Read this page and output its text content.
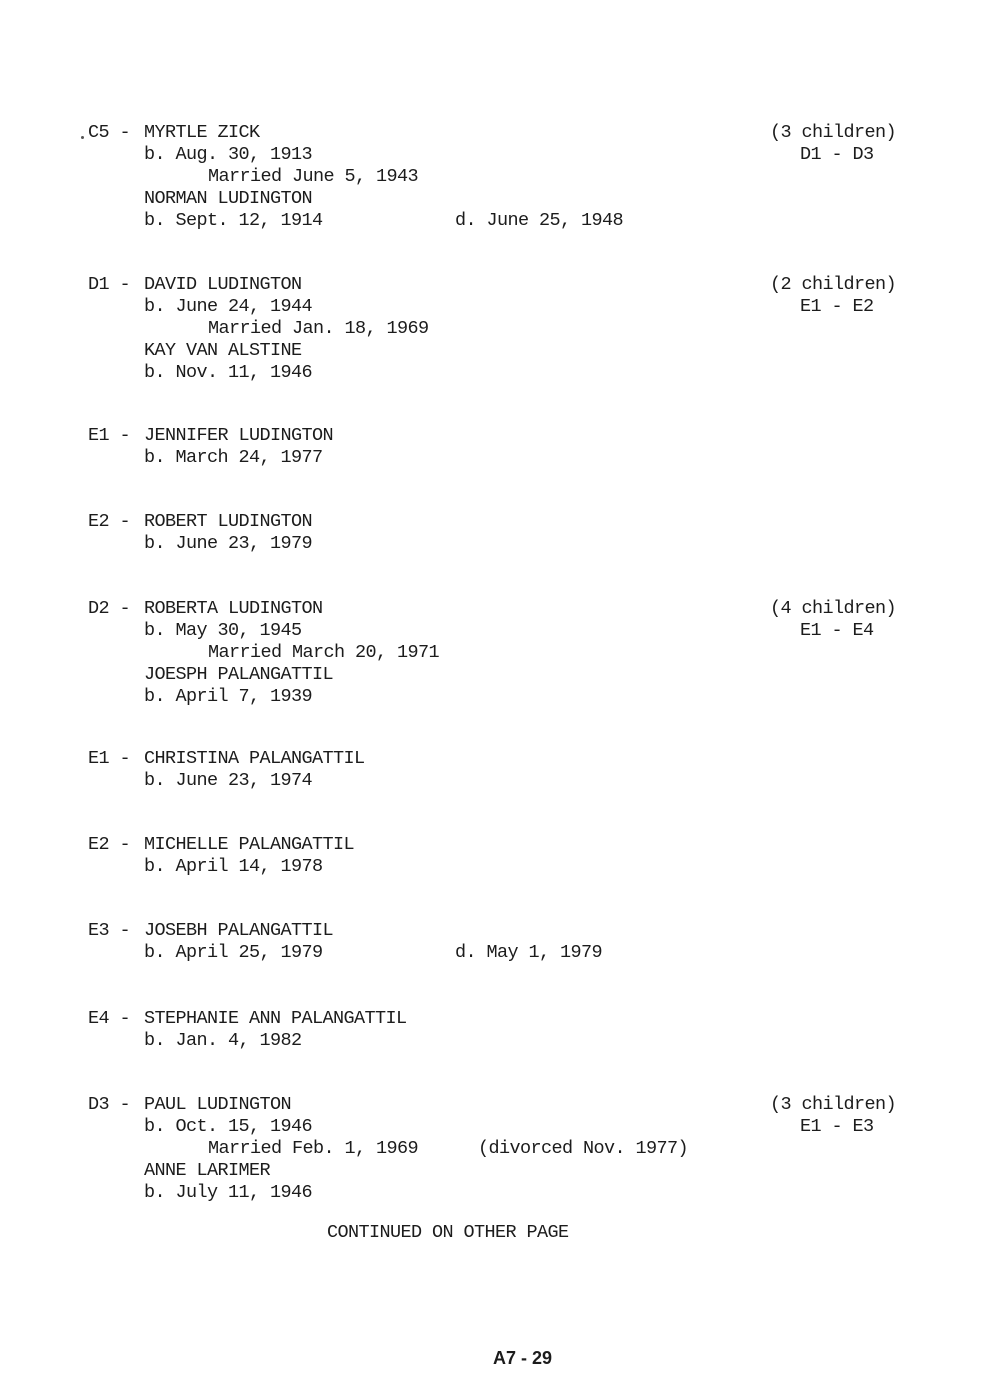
C5 - MYRTLE ZICK	(3 children)
b. Aug. 30, 1913	D1 - D3
Married June 5, 1943
NORMAN LUDINGTON
b. Sept. 12, 1914	d. June 25, 1948
D1 - DAVID LUDINGTON	(2 children)
b. June 24, 1944	E1 - E2
Married Jan. 18, 1969
KAY VAN ALSTINE
b. Nov. 11, 1946
E1 - JENNIFER LUDINGTON
b. March 24, 1977
E2 - ROBERT LUDINGTON
b. June 23, 1979
D2 - ROBERTA LUDINGTON	(4 children)
b. May 30, 1945	E1 - E4
Married March 20, 1971
JOESPH PALANGATTIL
b. April 7, 1939
E1 - CHRISTINA PALANGATTIL
b. June 23, 1974
E2 - MICHELLE PALANGATTIL
b. April 14, 1978
E3 - JOSEBH PALANGATTIL
b. April 25, 1979	d. May 1, 1979
E4 - STEPHANIE ANN PALANGATTIL
b. Jan. 4, 1982
D3 - PAUL LUDINGTON	(3 children)
b. Oct. 15, 1946	E1 - E3
Married Feb. 1, 1969	(divorced Nov. 1977)
ANNE LARIMER
b. July 11, 1946
CONTINUED ON OTHER PAGE
A7 - 29
